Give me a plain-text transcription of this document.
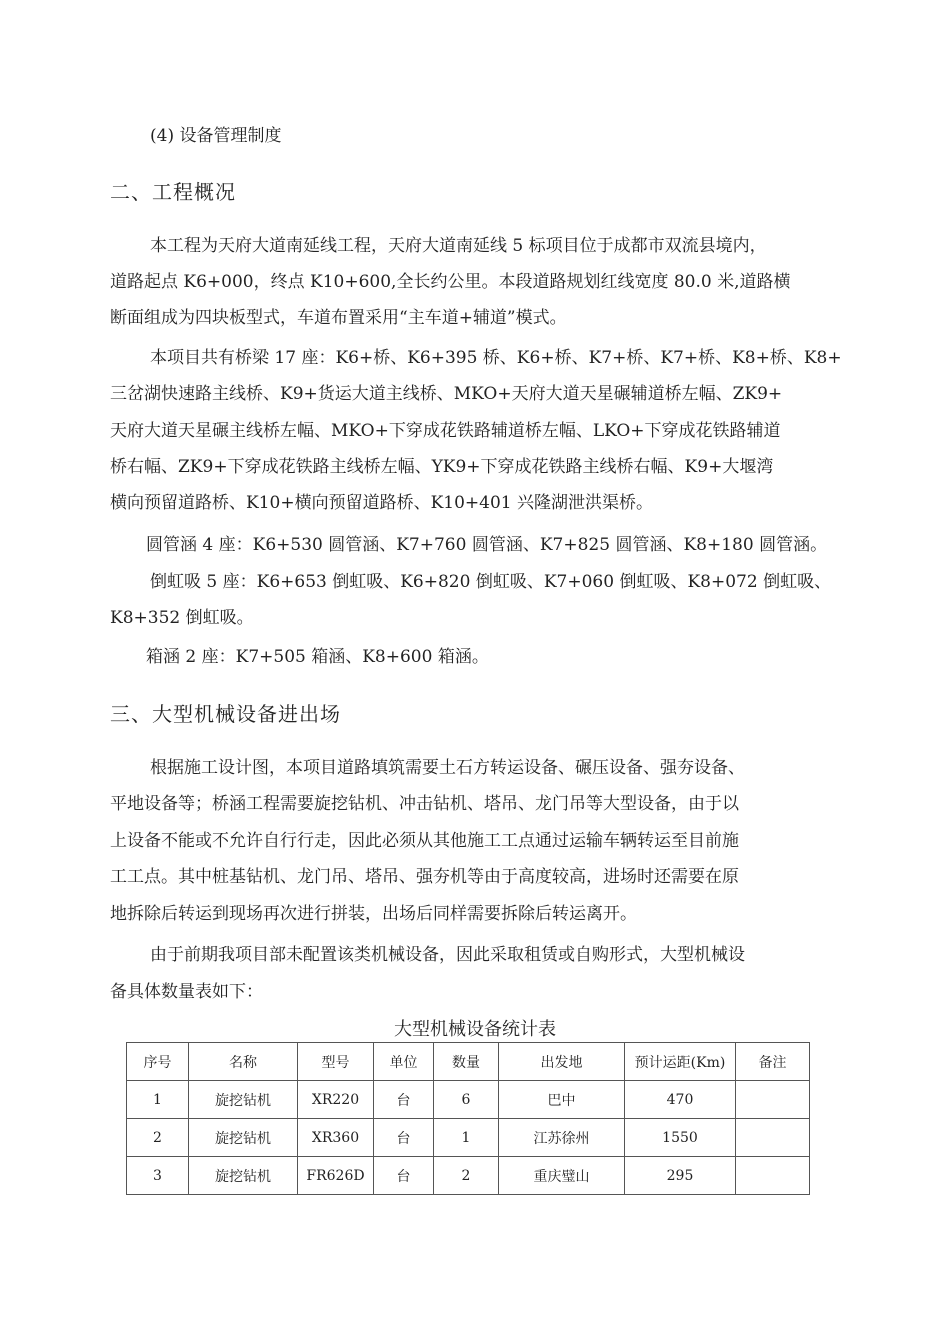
(4) 设备管理制度
二、工程概况
本工程为天府大道南延线工程，天府大道南延线 5 标项目位于成都市双流县境内，
道路起点 K6+000，终点 K10+600,全长约公里。本段道路规划红线宽度 80.0 米,道路横
断面组成为四块板型式，车道布置采用“主车道+辅道”模式。
本项目共有桥梁 17 座：K6+桥、K6+395 桥、K6+桥、K7+桥、K7+桥、K8+桥、K8+
三岔湖快速路主线桥、K9+货运大道主线桥、MKO+天府大道天星碾辅道桥左幅、ZK9+
天府大道天星碾主线桥左幅、MKO+下穿成花铁路辅道桥左幅、LKO+下穿成花铁路辅道
桥右幅、ZK9+下穿成花铁路主线桥左幅、YK9+下穿成花铁路主线桥右幅、K9+大堰湾
横向预留道路桥、K10+横向预留道路桥、K10+401 兴隆湖泄洪渠桥。
圆管涵 4 座：K6+530 圆管涵、K7+760 圆管涵、K7+825 圆管涵、K8+180 圆管涵。
倒虹吸 5 座：K6+653 倒虹吸、K6+820 倒虹吸、K7+060 倒虹吸、K8+072 倒虹吸、
K8+352 倒虹吸。
箱涵 2 座：K7+505 箱涵、K8+600 箱涵。
三、大型机械设备进出场
根据施工设计图，本项目道路填筑需要土石方转运设备、碾压设备、强夯设备、
平地设备等；桥涵工程需要旋挖钻机、冲击钻机、塔吊、龙门吊等大型设备，由于以
上设备不能或不允许自行行走，因此必须从其他施工工点通过运输车辆转运至目前施
工工点。其中桩基钻机、龙门吊、塔吊、强夯机等由于高度较高，进场时还需要在原
地拆除后转运到现场再次进行拼装，出场后同样需要拆除后转运离开。
由于前期我项目部未配置该类机械设备，因此采取租赁或自购形式，大型机械设
备具体数量表如下：
大型机械设备统计表
序号	名称	型号	单位	数量	出发地	预计运距(Km)	备注
1	旋挖钻机	XR220	台	6	巴中	470	
2	旋挖钻机	XR360	台	1	江苏徐州	1550	
3	旋挖钻机	FR626D	台	2	重庆璧山	295	
